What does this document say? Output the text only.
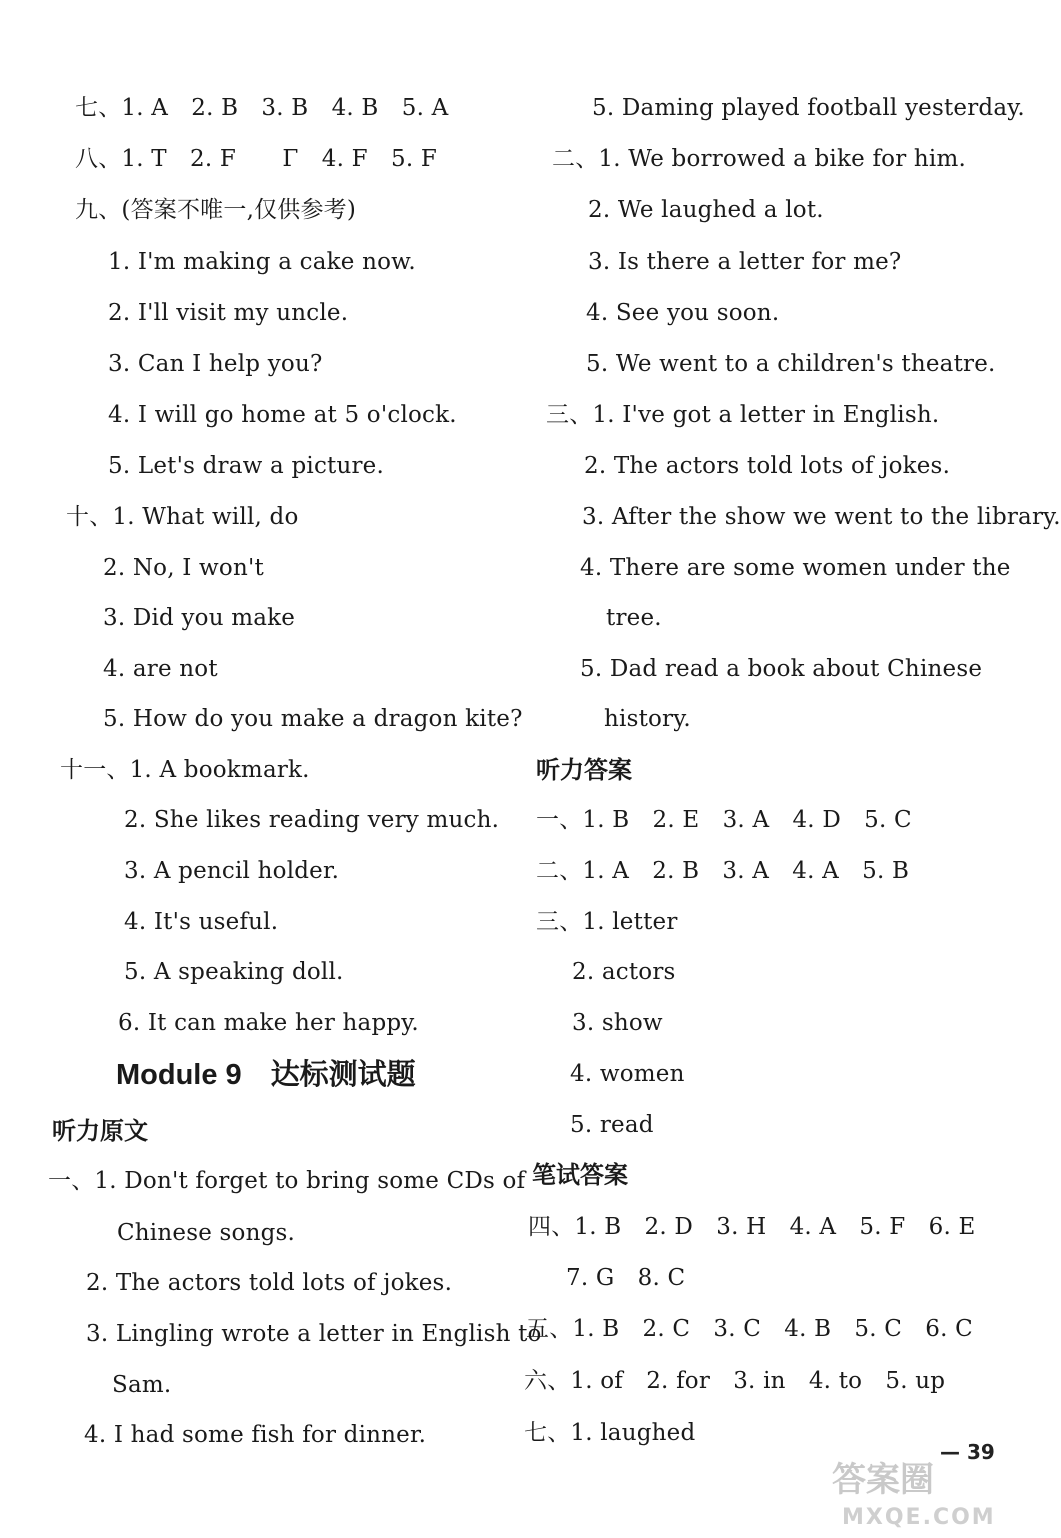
七、1. A　2. B　3. B　4. B　5. A
八、1. T　2. F　　Γ　4. F　5. F
九、(答案不唯一,仅供参考)
1. I'm making a cake now.
2. I'll visit my uncle.
3. Can I help you?
4. I will go home at 5 o'clock.
5. Let's draw a picture.
十、1. What will, do
2. No, I won't
3. Did you make
4. are not
5. How do you make a dragon kite?
十一、1. A bookmark.
2. She likes reading very much.
3. A pencil holder.
4. It's useful.
5. A speaking doll.
6. It can make her happy.
Module 9　达标测试题
听力原文
一、1. Don't forget to bring some CDs of
Chinese songs.
2. The actors told lots of jokes.
3. Lingling wrote a letter in English to
Sam.
4. I had some fish for dinner.
5. Daming played football yesterday.
二、1. We borrowed a bike for him.
2. We laughed a lot.
3. Is there a letter for me?
4. See you soon.
5. We went to a children's theatre.
三、1. I've got a letter in English.
2. The actors told lots of jokes.
3. After the show we went to the library.
4. There are some women under the
tree.
5. Dad read a book about Chinese
history.
听力答案
一、1. B　2. E　3. A　4. D　5. C
二、1. A　2. B　3. A　4. A　5. B
三、1. letter
2. actors
3. show
4. women
5. read
笔试答案
四、1. B　2. D　3. H　4. A　5. F　6. E
7. G　8. C
五、1. B　2. C　3. C　4. B　5. C　6. C
六、1. of　2. for　3. in　4. to　5. up
七、1. laughed
— 39
答案圈
MXQE.COM
